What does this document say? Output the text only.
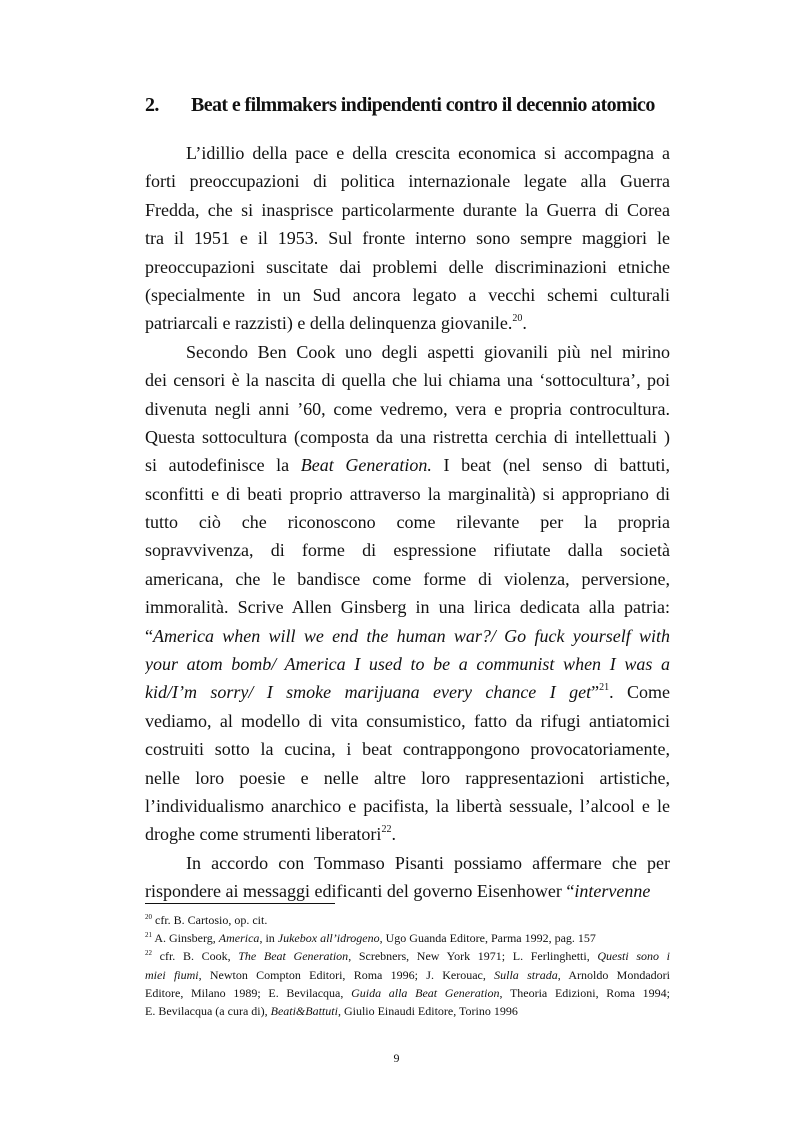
2. Beat e filmmakers indipendenti contro il decennio atomico
L’idillio della pace e della crescita economica si accompagna a
forti preoccupazioni di politica internazionale legate alla Guerra
Fredda, che si inasprisce particolarmente durante la Guerra di Corea
tra il 1951 e il 1953. Sul fronte interno sono sempre maggiori le
preoccupazioni suscitate dai problemi delle discriminazioni etniche
(specialmente in un Sud ancora legato a vecchi schemi culturali
patriarcali e razzisti) e della delinquenza giovanile.$^{20}$.
Secondo Ben Cook uno degli aspetti giovanili più nel mirino
dei censori è la nascita di quella che lui chiama una ‘sottocultura’, poi
divenuta negli anni ’60, come vedremo, vera e propria controcultura.
Questa sottocultura (composta da una ristretta cerchia di intellettuali )
si autodefinisce la Beat Generation. I beat (nel senso di battuti,
sconfitti e di beati proprio attraverso la marginalità) si appropriano di
tutto ciò che riconoscono come rilevante per la propria
sopravvivenza, di forme di espressione rifiutate dalla società
americana, che le bandisce come forme di violenza, perversione,
immoralità. Scrive Allen Ginsberg in una lirica dedicata alla patria:
“America when will we end the human war?/ Go fuck yourself with
your atom bomb/ America I used to be a communist when I was a
kid/I’m sorry/ I smoke marijuana every chance I get”$^{21}$. Come
vediamo, al modello di vita consumistico, fatto da rifugi antiatomici
costruiti sotto la cucina, i beat contrappongono provocatoriamente,
nelle loro poesie e nelle altre loro rappresentazioni artistiche,
l’individualismo anarchico e pacifista, la libertà sessuale, l’alcool e le
droghe come strumenti liberatori$^{22}$.
In accordo con Tommaso Pisanti possiamo affermare che per
rispondere ai messaggi edificanti del governo Eisenhower “intervenne
$^{20}$ cfr. B. Cartosio, op. cit.
$^{21}$ A. Ginsberg, America, in Jukebox all’idrogeno, Ugo Guanda Editore, Parma 1992, pag. 157
$^{22}$ cfr. B. Cook, The Beat Generation, Screbners, New York 1971; L. Ferlinghetti, Questi sono i
miei fiumi, Newton Compton Editori, Roma 1996; J. Kerouac, Sulla strada, Arnoldo Mondadori
Editore, Milano 1989; E. Bevilacqua, Guida alla Beat Generation, Theoria Edizioni, Roma 1994;
E. Bevilacqua (a cura di), Beati&Battuti, Giulio Einaudi Editore, Torino 1996
9
